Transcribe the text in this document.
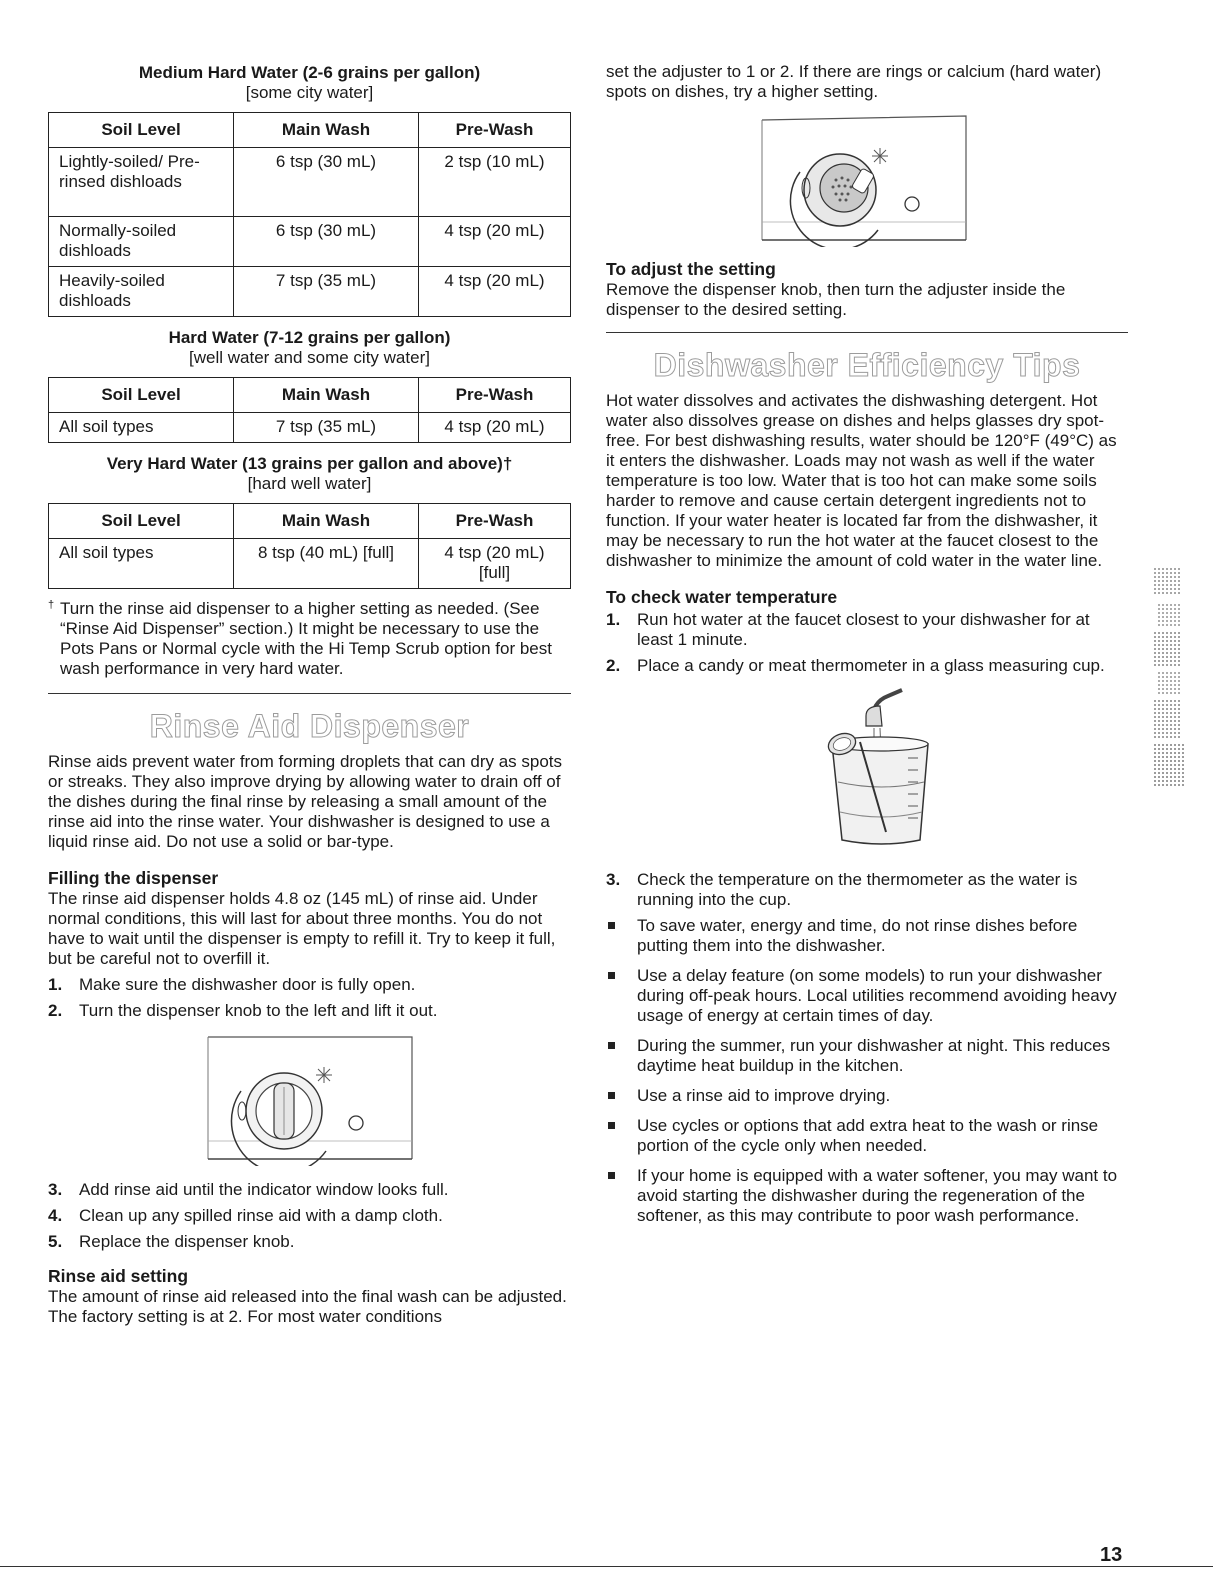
Medium Hard Water (2-6 grains per gallon)

[some city water]

Soil Level	Main Wash	Pre-Wash
Lightly-soiled/ Pre-rinsed dishloads	6 tsp (30 mL)	2 tsp (10 mL)
Normally-soiled dishloads	6 tsp (30 mL)	4 tsp (20 mL)
Heavily-soiled dishloads	7 tsp (35 mL)	4 tsp (20 mL)

Hard Water (7-12 grains per gallon)

[well water and some city water]

Soil Level	Main Wash	Pre-Wash
All soil types	7 tsp (35 mL)	4 tsp (20 mL)

Very Hard Water (13 grains per gallon and above)†

[hard well water]

Soil Level	Main Wash	Pre-Wash
All soil types	8 tsp (40 mL) [full]	4 tsp (20 mL) [full]

† Turn the rinse aid dispenser to a higher setting as needed. (See “Rinse Aid Dispenser” section.) It might be necessary to use the Pots Pans or Normal cycle with the Hi Temp Scrub option for best wash performance in very hard water.

Rinse Aid Dispenser

Rinse aids prevent water from forming droplets that can dry as spots or streaks. They also improve drying by allowing water to drain off of the dishes during the final rinse by releasing a small amount of the rinse aid into the rinse water. Your dishwasher is designed to use a liquid rinse aid. Do not use a solid or bar-type.

Filling the dispenser

The rinse aid dispenser holds 4.8 oz (145 mL) of rinse aid. Under normal conditions, this will last for about three months. You do not have to wait until the dispenser is empty to refill it. Try to keep it full, but be careful not to overfill it.

1. Make sure the dishwasher door is fully open.
2. Turn the dispenser knob to the left and lift it out.
3. Add rinse aid until the indicator window looks full.
4. Clean up any spilled rinse aid with a damp cloth.
5. Replace the dispenser knob.
Rinse aid setting

The amount of rinse aid released into the final wash can be adjusted. The factory setting is at 2. For most water conditions

set the adjuster to 1 or 2. If there are rings or calcium (hard water) spots on dishes, try a higher setting.

To adjust the setting

Remove the dispenser knob, then turn the adjuster inside the dispenser to the desired setting.

Dishwasher Efficiency Tips

Hot water dissolves and activates the dishwashing detergent. Hot water also dissolves grease on dishes and helps glasses dry spot-free. For best dishwashing results, water should be 120°F (49°C) as it enters the dishwasher. Loads may not wash as well if the water temperature is too low. Water that is too hot can make some soils harder to remove and cause certain detergent ingredients not to function. If your water heater is located far from the dishwasher, it may be necessary to run the hot water at the faucet closest to the dishwasher to minimize the amount of cold water in the water line.

To check water temperature
1. Run hot water at the faucet closest to your dishwasher for at least 1 minute.
2. Place a candy or meat thermometer in a glass measuring cup.
3. Check the temperature on the thermometer as the water is running into the cup.
To save water, energy and time, do not rinse dishes before putting them into the dishwasher.
Use a delay feature (on some models) to run your dishwasher during off-peak hours. Local utilities recommend avoiding heavy usage of energy at certain times of day.
During the summer, run your dishwasher at night. This reduces daytime heat buildup in the kitchen.
Use a rinse aid to improve drying.
Use cycles or options that add extra heat to the wash or rinse portion of the cycle only when needed.
If your home is equipped with a water softener, you may want to avoid starting the dishwasher during the regeneration of the softener, as this may contribute to poor wash performance.
13
